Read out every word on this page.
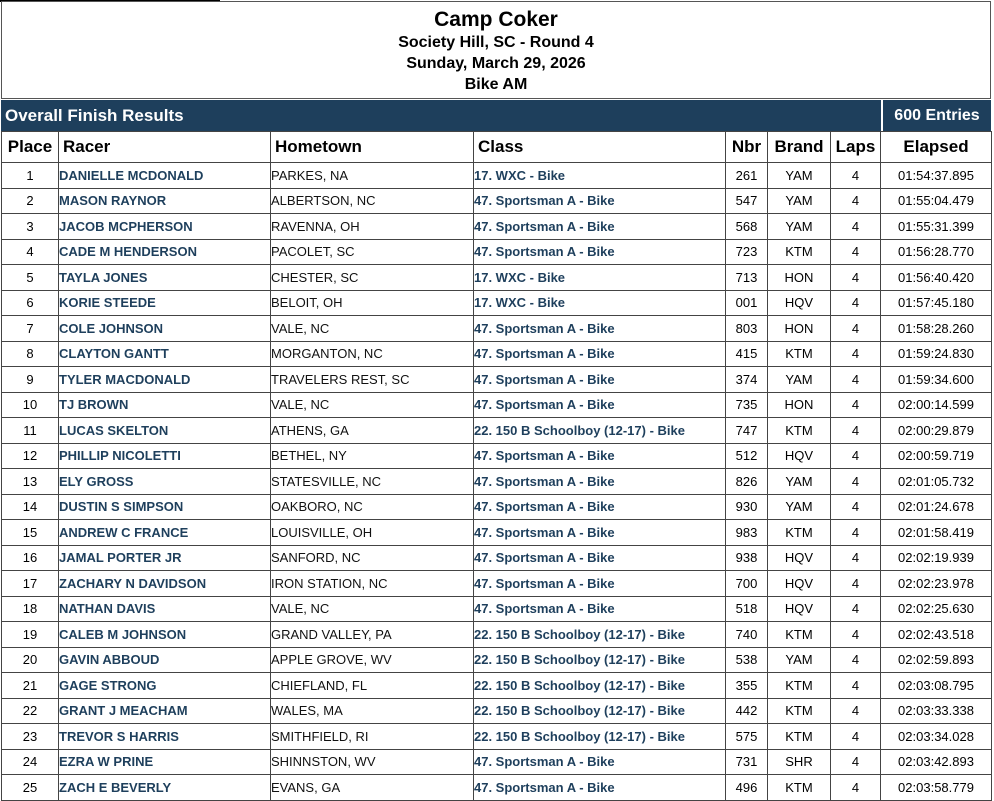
Camp Coker
Society Hill, SC - Round 4
Sunday, March 29, 2026
Bike AM
Overall Finish Results	600 Entries
Place	Racer	Hometown	Class	Nbr	Brand	Laps	Elapsed
1	DANIELLE MCDONALD	PARKES, NA	17. WXC - Bike	261	YAM	4	01:54:37.895
2	MASON RAYNOR	ALBERTSON, NC	47. Sportsman A - Bike	547	YAM	4	01:55:04.479
3	JACOB MCPHERSON	RAVENNA, OH	47. Sportsman A - Bike	568	YAM	4	01:55:31.399
4	CADE M HENDERSON	PACOLET, SC	47. Sportsman A - Bike	723	KTM	4	01:56:28.770
5	TAYLA JONES	CHESTER, SC	17. WXC - Bike	713	HON	4	01:56:40.420
6	KORIE STEEDE	BELOIT, OH	17. WXC - Bike	001	HQV	4	01:57:45.180
7	COLE JOHNSON	VALE, NC	47. Sportsman A - Bike	803	HON	4	01:58:28.260
8	CLAYTON GANTT	MORGANTON, NC	47. Sportsman A - Bike	415	KTM	4	01:59:24.830
9	TYLER MACDONALD	TRAVELERS REST, SC	47. Sportsman A - Bike	374	YAM	4	01:59:34.600
10	TJ BROWN	VALE, NC	47. Sportsman A - Bike	735	HON	4	02:00:14.599
11	LUCAS SKELTON	ATHENS, GA	22. 150 B Schoolboy (12-17) - Bike	747	KTM	4	02:00:29.879
12	PHILLIP NICOLETTI	BETHEL, NY	47. Sportsman A - Bike	512	HQV	4	02:00:59.719
13	ELY GROSS	STATESVILLE, NC	47. Sportsman A - Bike	826	YAM	4	02:01:05.732
14	DUSTIN S SIMPSON	OAKBORO, NC	47. Sportsman A - Bike	930	YAM	4	02:01:24.678
15	ANDREW C FRANCE	LOUISVILLE, OH	47. Sportsman A - Bike	983	KTM	4	02:01:58.419
16	JAMAL PORTER JR	SANFORD, NC	47. Sportsman A - Bike	938	HQV	4	02:02:19.939
17	ZACHARY N DAVIDSON	IRON STATION, NC	47. Sportsman A - Bike	700	HQV	4	02:02:23.978
18	NATHAN DAVIS	VALE, NC	47. Sportsman A - Bike	518	HQV	4	02:02:25.630
19	CALEB M JOHNSON	GRAND VALLEY, PA	22. 150 B Schoolboy (12-17) - Bike	740	KTM	4	02:02:43.518
20	GAVIN ABBOUD	APPLE GROVE, WV	22. 150 B Schoolboy (12-17) - Bike	538	YAM	4	02:02:59.893
21	GAGE STRONG	CHIEFLAND, FL	22. 150 B Schoolboy (12-17) - Bike	355	KTM	4	02:03:08.795
22	GRANT J MEACHAM	WALES, MA	22. 150 B Schoolboy (12-17) - Bike	442	KTM	4	02:03:33.338
23	TREVOR S HARRIS	SMITHFIELD, RI	22. 150 B Schoolboy (12-17) - Bike	575	KTM	4	02:03:34.028
24	EZRA W PRINE	SHINNSTON, WV	47. Sportsman A - Bike	731	SHR	4	02:03:42.893
25	ZACH E BEVERLY	EVANS, GA	47. Sportsman A - Bike	496	KTM	4	02:03:58.779
